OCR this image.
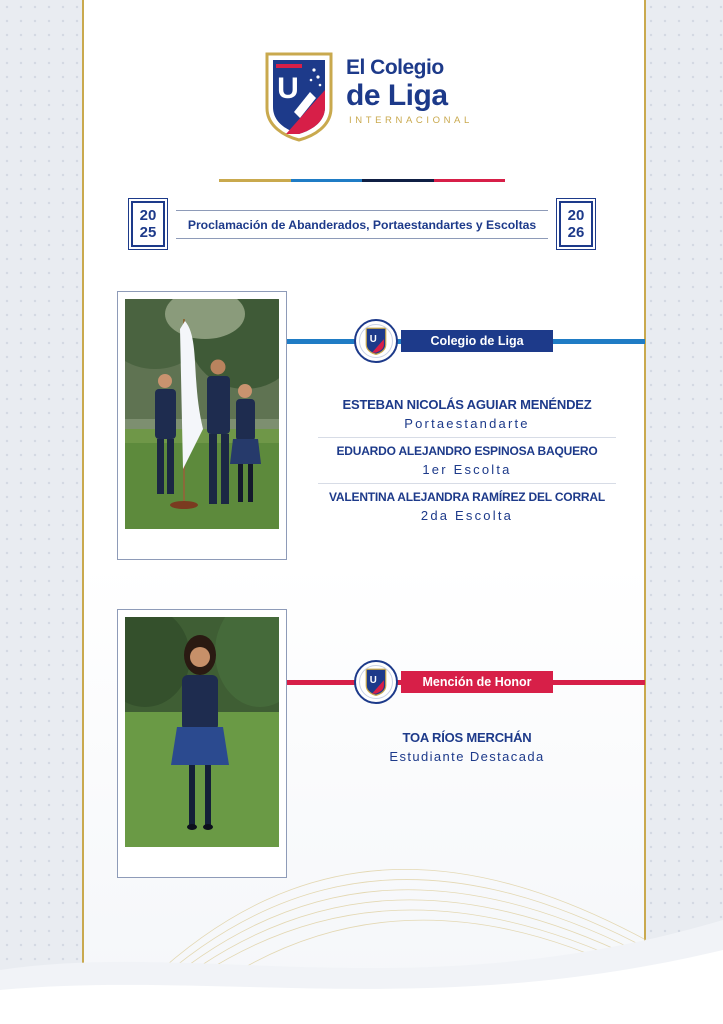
U
El Colegio
de Liga
INTERNACIONAL
20
25	Proclamación de Abanderados, Portaestandartes y Escoltas
20
26
U	Colegio de Liga
ESTEBAN NICOLÁS AGUIAR MENÉNDEZ
Portaestandarte
EDUARDO ALEJANDRO ESPINOSA BAQUERO
1er Escolta
VALENTINA ALEJANDRA RAMÍREZ DEL CORRAL
2da Escolta
U	Mención de Honor
TOA RÍOS MERCHÁN
Estudiante Destacada
